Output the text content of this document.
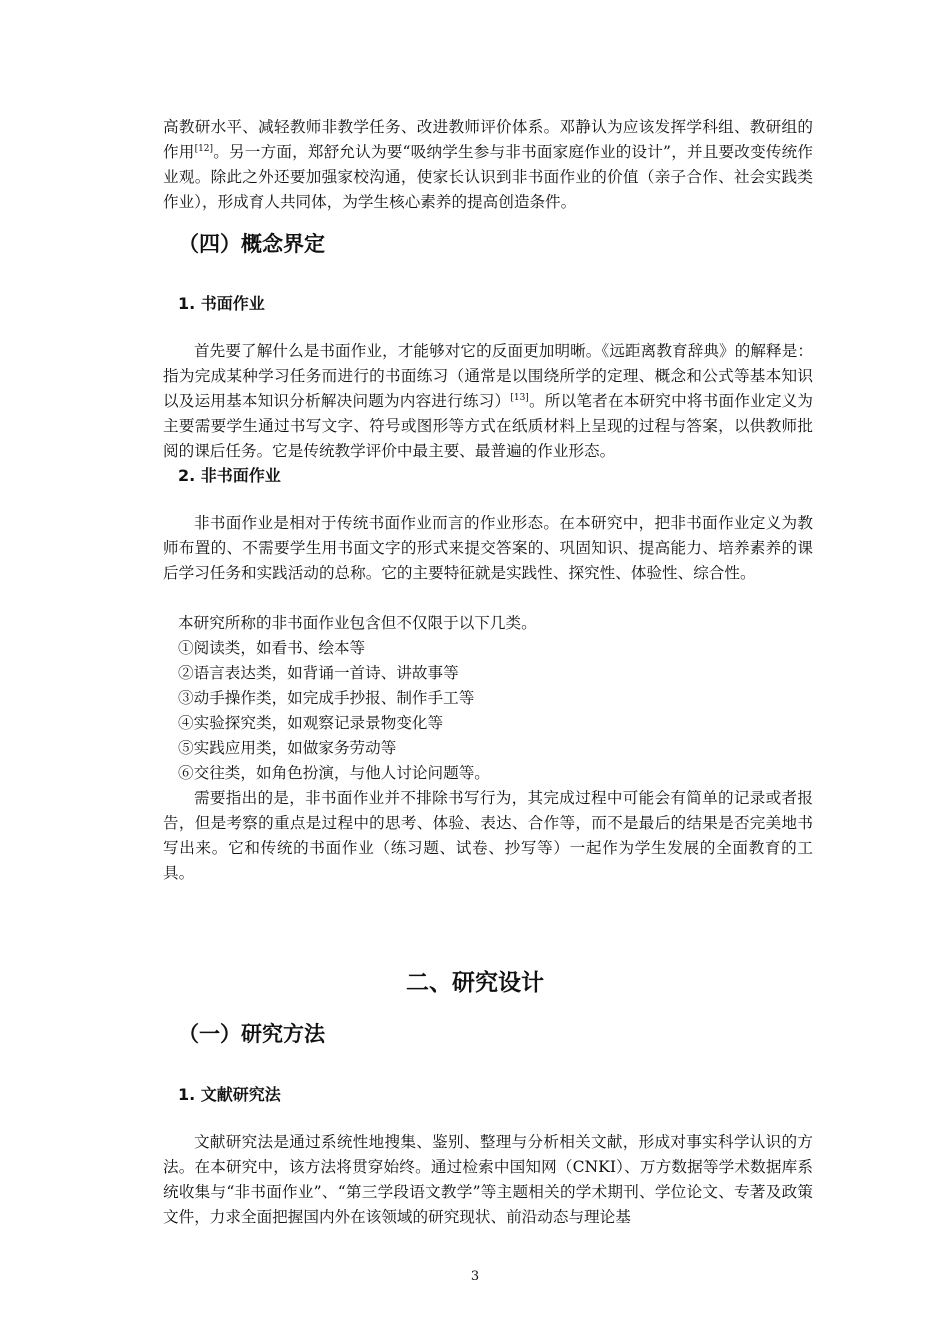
高教研水平、减轻教师非教学任务、改进教师评价体系。邓静认为应该发挥学科组、教研组的作用[12]。另一方面，郑舒允认为要“吸纳学生参与非书面家庭作业的设计”，并且要改变传统作业观。除此之外还要加强家校沟通，使家长认识到非书面作业的价值（亲子合作、社会实践类作业），形成育人共同体，为学生核心素养的提高创造条件。

（四）概念界定
1. 书面作业

首先要了解什么是书面作业，才能够对它的反面更加明晰。《远距离教育辞典》的解释是：指为完成某种学习任务而进行的书面练习（通常是以围绕所学的定理、概念和公式等基本知识以及运用基本知识分析解决问题为内容进行练习）[13]。所以笔者在本研究中将书面作业定义为主要需要学生通过书写文字、符号或图形等方式在纸质材料上呈现的过程与答案，以供教师批阅的课后任务。它是传统教学评价中最主要、最普遍的作业形态。

2. 非书面作业

非书面作业是相对于传统书面作业而言的作业形态。在本研究中，把非书面作业定义为教师布置的、不需要学生用书面文字的形式来提交答案的、巩固知识、提高能力、培养素养的课后学习任务和实践活动的总称。它的主要特征就是实践性、探究性、体验性、综合性。

本研究所称的非书面作业包含但不仅限于以下几类。
①阅读类，如看书、绘本等
②语言表达类，如背诵一首诗、讲故事等
③动手操作类，如完成手抄报、制作手工等
④实验探究类，如观察记录景物变化等
⑤实践应用类，如做家务劳动等
⑥交往类，如角色扮演，与他人讨论问题等。

需要指出的是，非书面作业并不排除书写行为，其完成过程中可能会有简单的记录或者报告，但是考察的重点是过程中的思考、体验、表达、合作等，而不是最后的结果是否完美地书写出来。它和传统的书面作业（练习题、试卷、抄写等）一起作为学生发展的全面教育的工具。

二、研究设计
（一）研究方法
1. 文献研究法

文献研究法是通过系统性地搜集、鉴别、整理与分析相关文献，形成对事实科学认识的方法。在本研究中，该方法将贯穿始终。通过检索中国知网（CNKI）、万方数据等学术数据库系统收集与“非书面作业”、“第三学段语文教学”等主题相关的学术期刊、学位论文、专著及政策文件，力求全面把握国内外在该领域的研究现状、前沿动态与理论基

3
